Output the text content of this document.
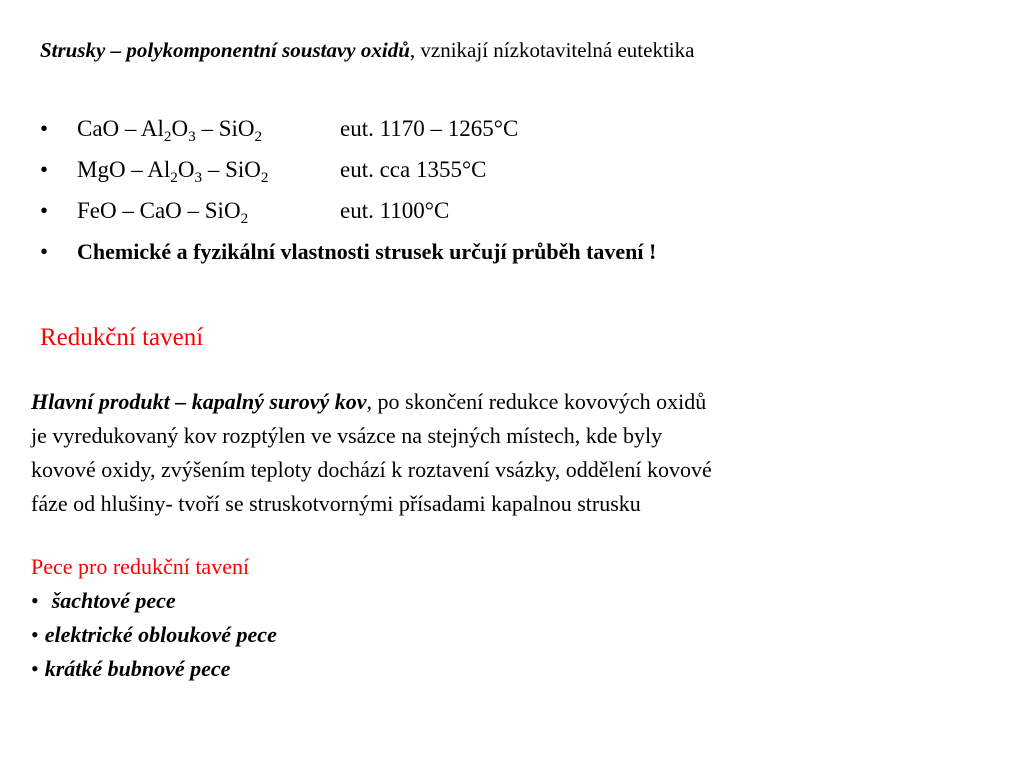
Strusky – polykomponentní soustavy oxidů, vznikají nízkotavitelná eutektika
• CaO – $Al_2O_3 - SiO_2$	eut. 1170 – 1265°C
• MgO – $Al_2O_3 - SiO_2$	eut. cca 1355°C
• FeO – CaO – SiO$_2$	eut. 1100°C
• Chemické a fyzikální vlastnosti strusek určují průběh tavení !
Redukční tavení
Hlavní produkt – kapalný surový kov, po skončení redukce kovových oxidů
je vyredukovaný kov rozptýlen ve vsázce na stejných místech, kde byly
kovové oxidy, zvýšením teploty dochází k roztavení vsázky, oddělení kovové
fáze od hlušiny- tvoří se struskotvornými přísadami kapalnou strusku
Pece pro redukční tavení
• šachtové pece
• elektrické obloukové pece
• krátké bubnové pece
